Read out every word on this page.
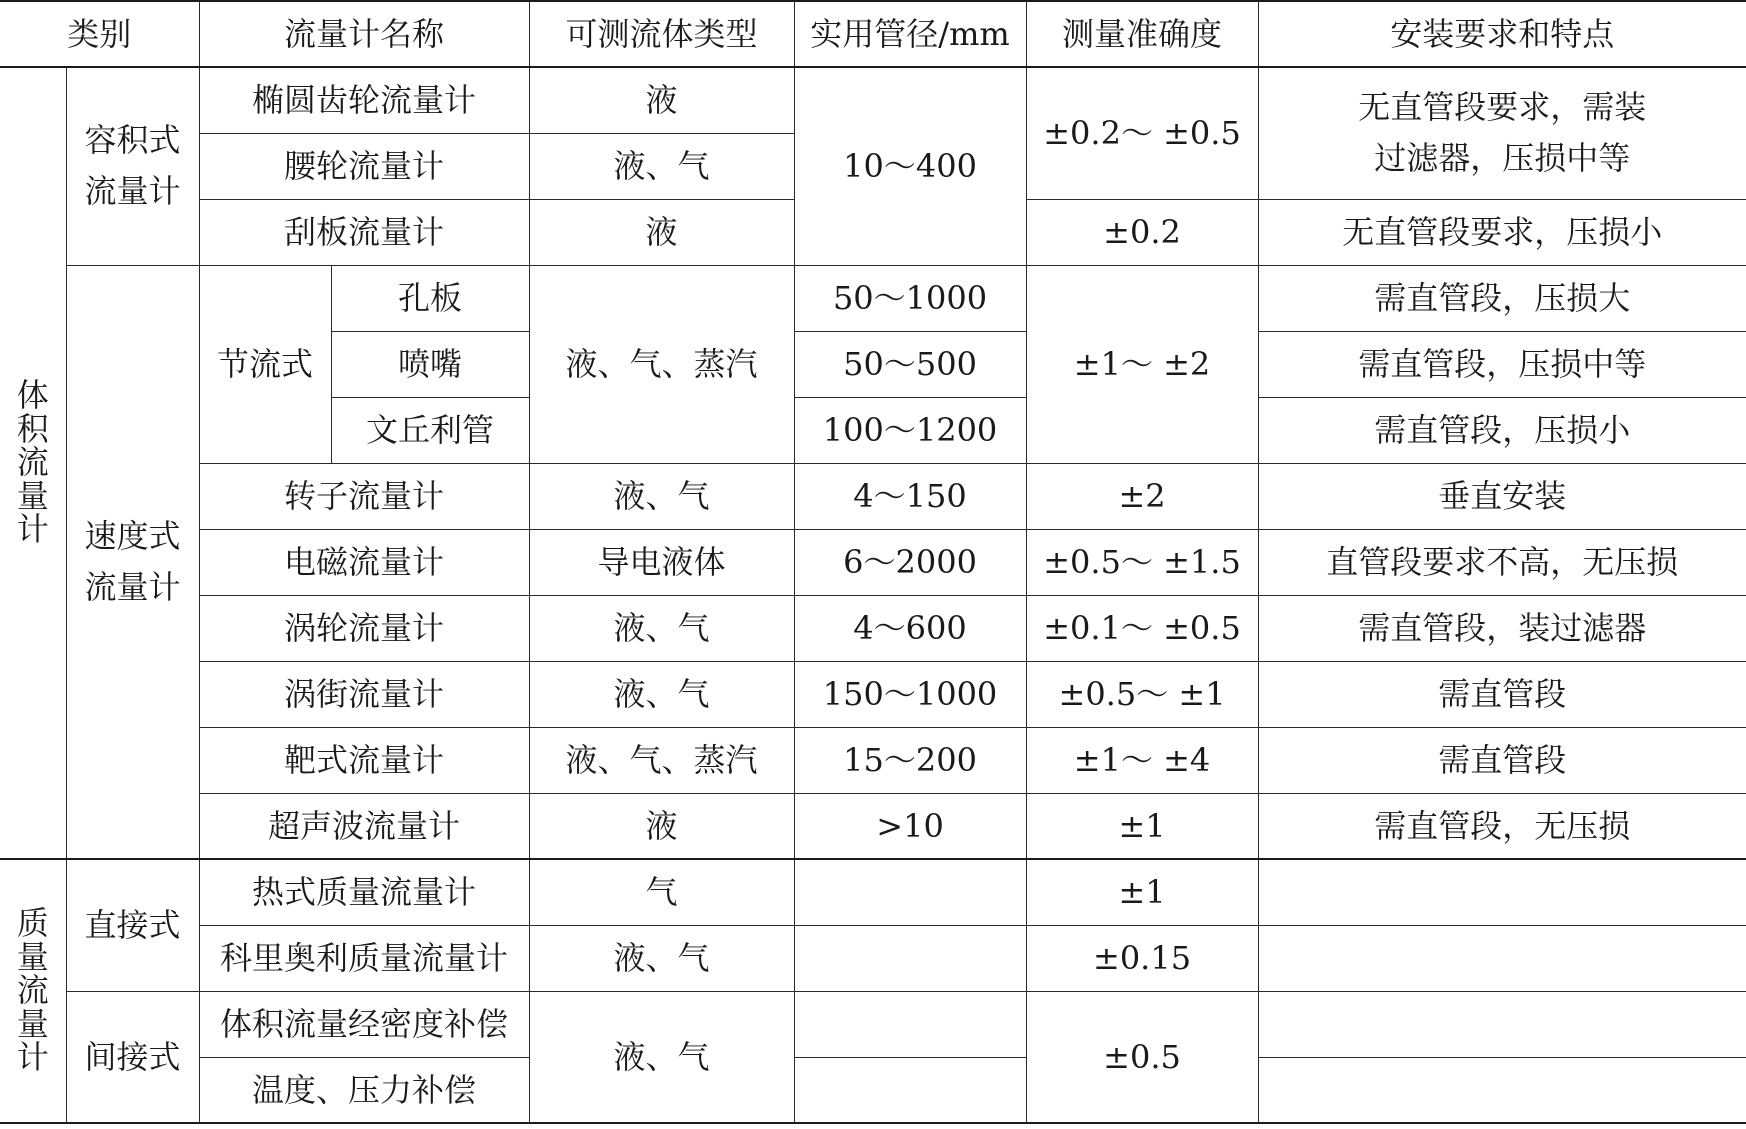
类别		流量计名称		可测流体类型	实用管径/mm	测量准确度	安装要求和特点
体积流量计	容积式流量计	椭圆齿轮流量计		液	10～400	±0.2～ ±0.5	无直管段要求，需装过滤器，压损中等
		腰轮流量计		液、气			
		刮板流量计		液		±0.2	无直管段要求，压损小
	速度式流量计	节流式	孔板	液、气、蒸汽	50～1000	±1～ ±2	需直管段，压损大
			喷嘴		50～500		需直管段，压损中等
			文丘利管		100～1200		需直管段，压损小
		转子流量计		液、气	4～150	±2	垂直安装
		电磁流量计		导电液体	6～2000	±0.5～ ±1.5	直管段要求不高，无压损
		涡轮流量计		液、气	4～600	±0.1～ ±0.5	需直管段，装过滤器
		涡街流量计		液、气	150～1000	±0.5～ ±1	需直管段
		靶式流量计		液、气、蒸汽	15～200	±1～ ±4	需直管段
		超声波流量计		液	>10	±1	需直管段，无压损
质量流量计	直接式	热式质量流量计		气		±1	
		科里奥利质量流量计		液、气		±0.15	
	间接式	体积流量经密度补偿		液、气		±0.5	
		温度、压力补偿					
